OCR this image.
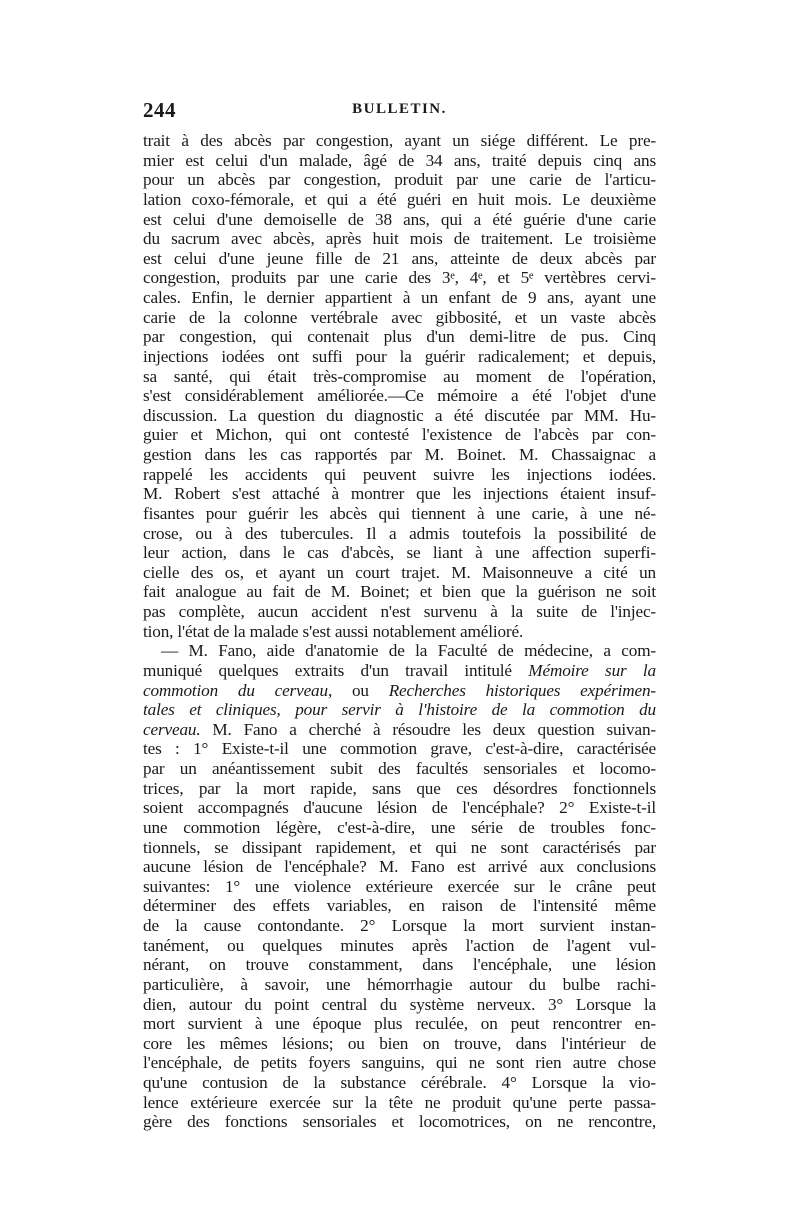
244	BULLETIN.
trait à des abcès par congestion, ayant un siége différent. Le pre-
mier est celui d'un malade, âgé de 34 ans, traité depuis cinq ans
pour un abcès par congestion, produit par une carie de l'articu-
lation coxo-fémorale, et qui a été guéri en huit mois. Le deuxième
est celui d'une demoiselle de 38 ans, qui a été guérie d'une carie
du sacrum avec abcès, après huit mois de traitement. Le troisième
est celui d'une jeune fille de 21 ans, atteinte de deux abcès par
congestion, produits par une carie des 3ᵉ, 4ᵉ, et 5ᵉ vertèbres cervi-
cales. Enfin, le dernier appartient à un enfant de 9 ans, ayant une
carie de la colonne vertébrale avec gibbosité, et un vaste abcès
par congestion, qui contenait plus d'un demi-litre de pus. Cinq
injections iodées ont suffi pour la guérir radicalement; et depuis,
sa santé, qui était très-compromise au moment de l'opération,
s'est considérablement améliorée.—Ce mémoire a été l'objet d'une
discussion. La question du diagnostic a été discutée par MM. Hu-
guier et Michon, qui ont contesté l'existence de l'abcès par con-
gestion dans les cas rapportés par M. Boinet. M. Chassaignac a
rappelé les accidents qui peuvent suivre les injections iodées.
M. Robert s'est attaché à montrer que les injections étaient insuf-
fisantes pour guérir les abcès qui tiennent à une carie, à une né-
crose, ou à des tubercules. Il a admis toutefois la possibilité de
leur action, dans le cas d'abcès, se liant à une affection superfi-
cielle des os, et ayant un court trajet. M. Maisonneuve a cité un
fait analogue au fait de M. Boinet; et bien que la guérison ne soit
pas complète, aucun accident n'est survenu à la suite de l'injec-
tion, l'état de la malade s'est aussi notablement amélioré.
— M. Fano, aide d'anatomie de la Faculté de médecine, a com-
muniqué quelques extraits d'un travail intitulé Mémoire sur la
commotion du cerveau, ou Recherches historiques expérimen-
tales et cliniques, pour servir à l'histoire de la commotion du
cerveau. M. Fano a cherché à résoudre les deux question suivan-
tes : 1° Existe-t-il une commotion grave, c'est-à-dire, caractérisée
par un anéantissement subit des facultés sensoriales et locomo-
trices, par la mort rapide, sans que ces désordres fonctionnels
soient accompagnés d'aucune lésion de l'encéphale? 2° Existe-t-il
une commotion légère, c'est-à-dire, une série de troubles fonc-
tionnels, se dissipant rapidement, et qui ne sont caractérisés par
aucune lésion de l'encéphale? M. Fano est arrivé aux conclusions
suivantes: 1° une violence extérieure exercée sur le crâne peut
déterminer des effets variables, en raison de l'intensité même
de la cause contondante. 2° Lorsque la mort survient instan-
tanément, ou quelques minutes après l'action de l'agent vul-
nérant, on trouve constamment, dans l'encéphale, une lésion
particulière, à savoir, une hémorrhagie autour du bulbe rachi-
dien, autour du point central du système nerveux. 3° Lorsque la
mort survient à une époque plus reculée, on peut rencontrer en-
core les mêmes lésions; ou bien on trouve, dans l'intérieur de
l'encéphale, de petits foyers sanguins, qui ne sont rien autre chose
qu'une contusion de la substance cérébrale. 4° Lorsque la vio-
lence extérieure exercée sur la tête ne produit qu'une perte passa-
gère des fonctions sensoriales et locomotrices, on ne rencontre,
